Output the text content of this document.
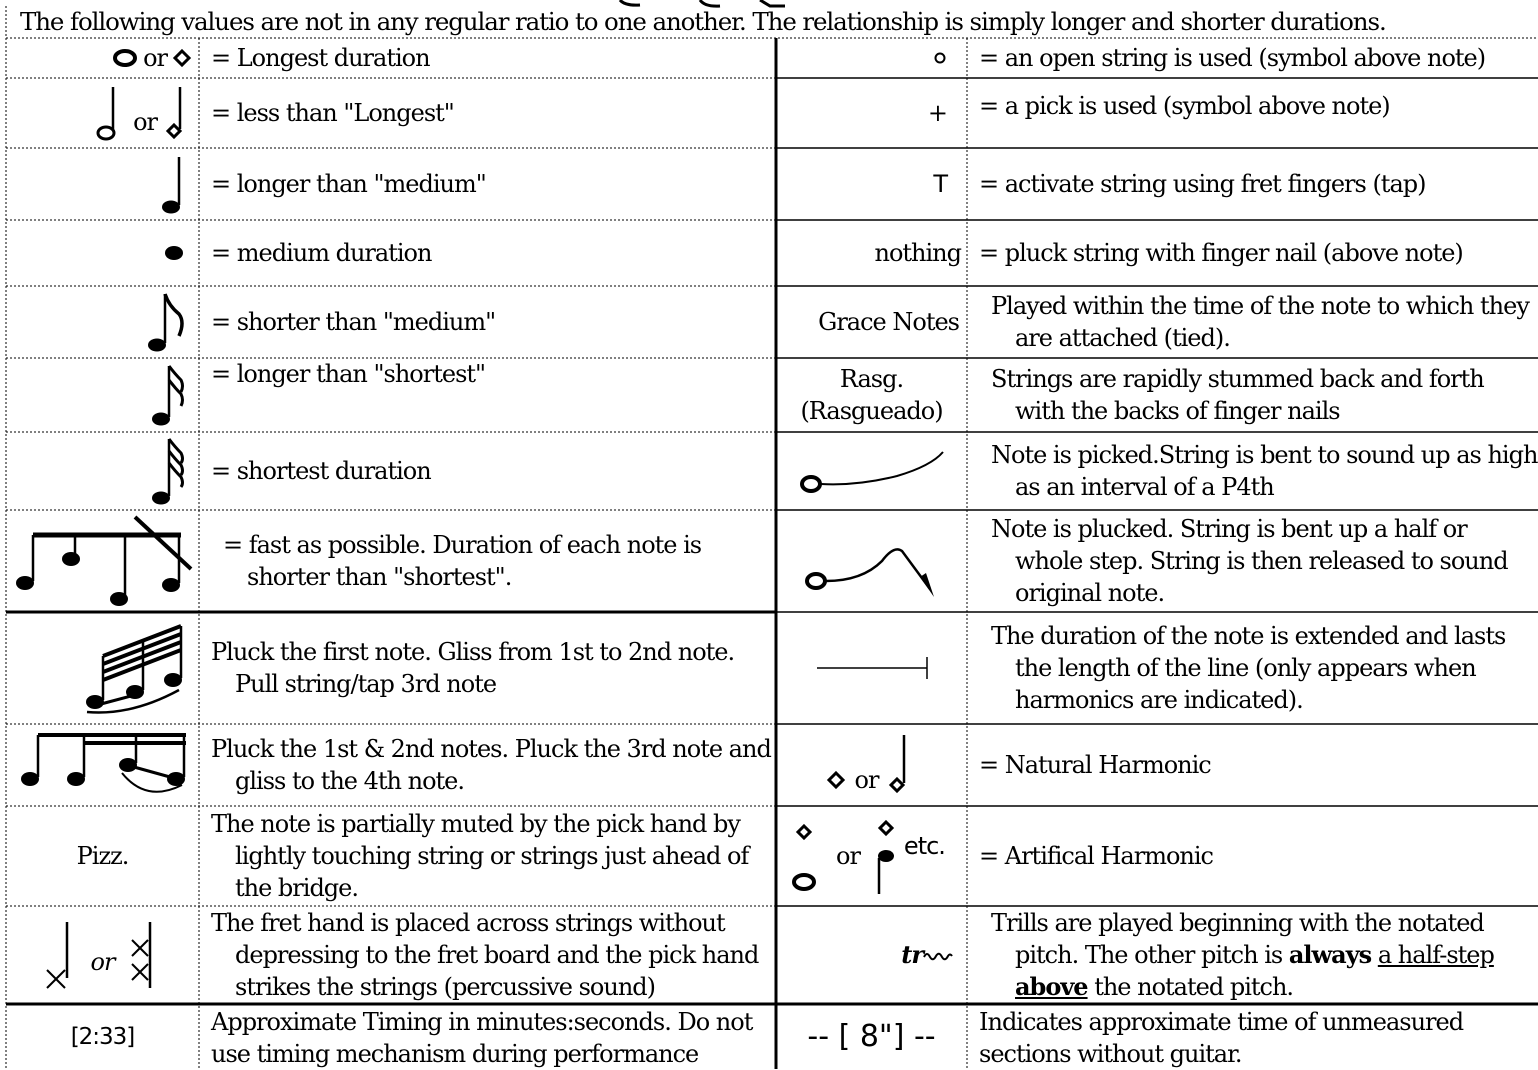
The following values are not in any regular ratio to one another. The relationship is simply longer and shorter durations.
or = Longest duration
or = less than "Longest"
= longer than "medium"
= medium duration
= shorter than "medium"
= longer than "shortest"
= shortest duration
= fast as possible. Duration of each note is shorter than "shortest".
Pluck the first note. Gliss from 1st to 2nd note. Pull string/tap 3rd note
Pluck the 1st & 2nd notes. Pluck the 3rd note and gliss to the 4th note.
Pizz.
The note is partially muted by the pick hand by lightly touching string or strings just ahead of the bridge.
or
The fret hand is placed across strings without depressing to the fret board and the pick hand strikes the strings (percussive sound)
[2:33]
Approximate Timing in minutes:seconds. Do not use timing mechanism during performance
= an open string is used (symbol above note)
+ = a pick is used (symbol above note)
T = activate string using fret fingers (tap)
nothing = pluck string with finger nail (above note)
Grace Notes
Played within the time of the note to which they are attached (tied).
Rasg.
(Rasgueado)
Strings are rapidly stummed back and forth with the backs of finger nails
Note is picked.String is bent to sound up as high as an interval of a P4th
Note is plucked. String is bent up a half or whole step. String is then released to sound original note.
The duration of the note is extended and lasts the length of the line (only appears when harmonics are indicated).
or
= Natural Harmonic
or etc. = Artifical Harmonic
tr
Trills are played beginning with the notated pitch. The other pitch is always a half-step above the notated pitch.
-- [ 8"] -- Indicates approximate time of unmeasured sections without guitar.
